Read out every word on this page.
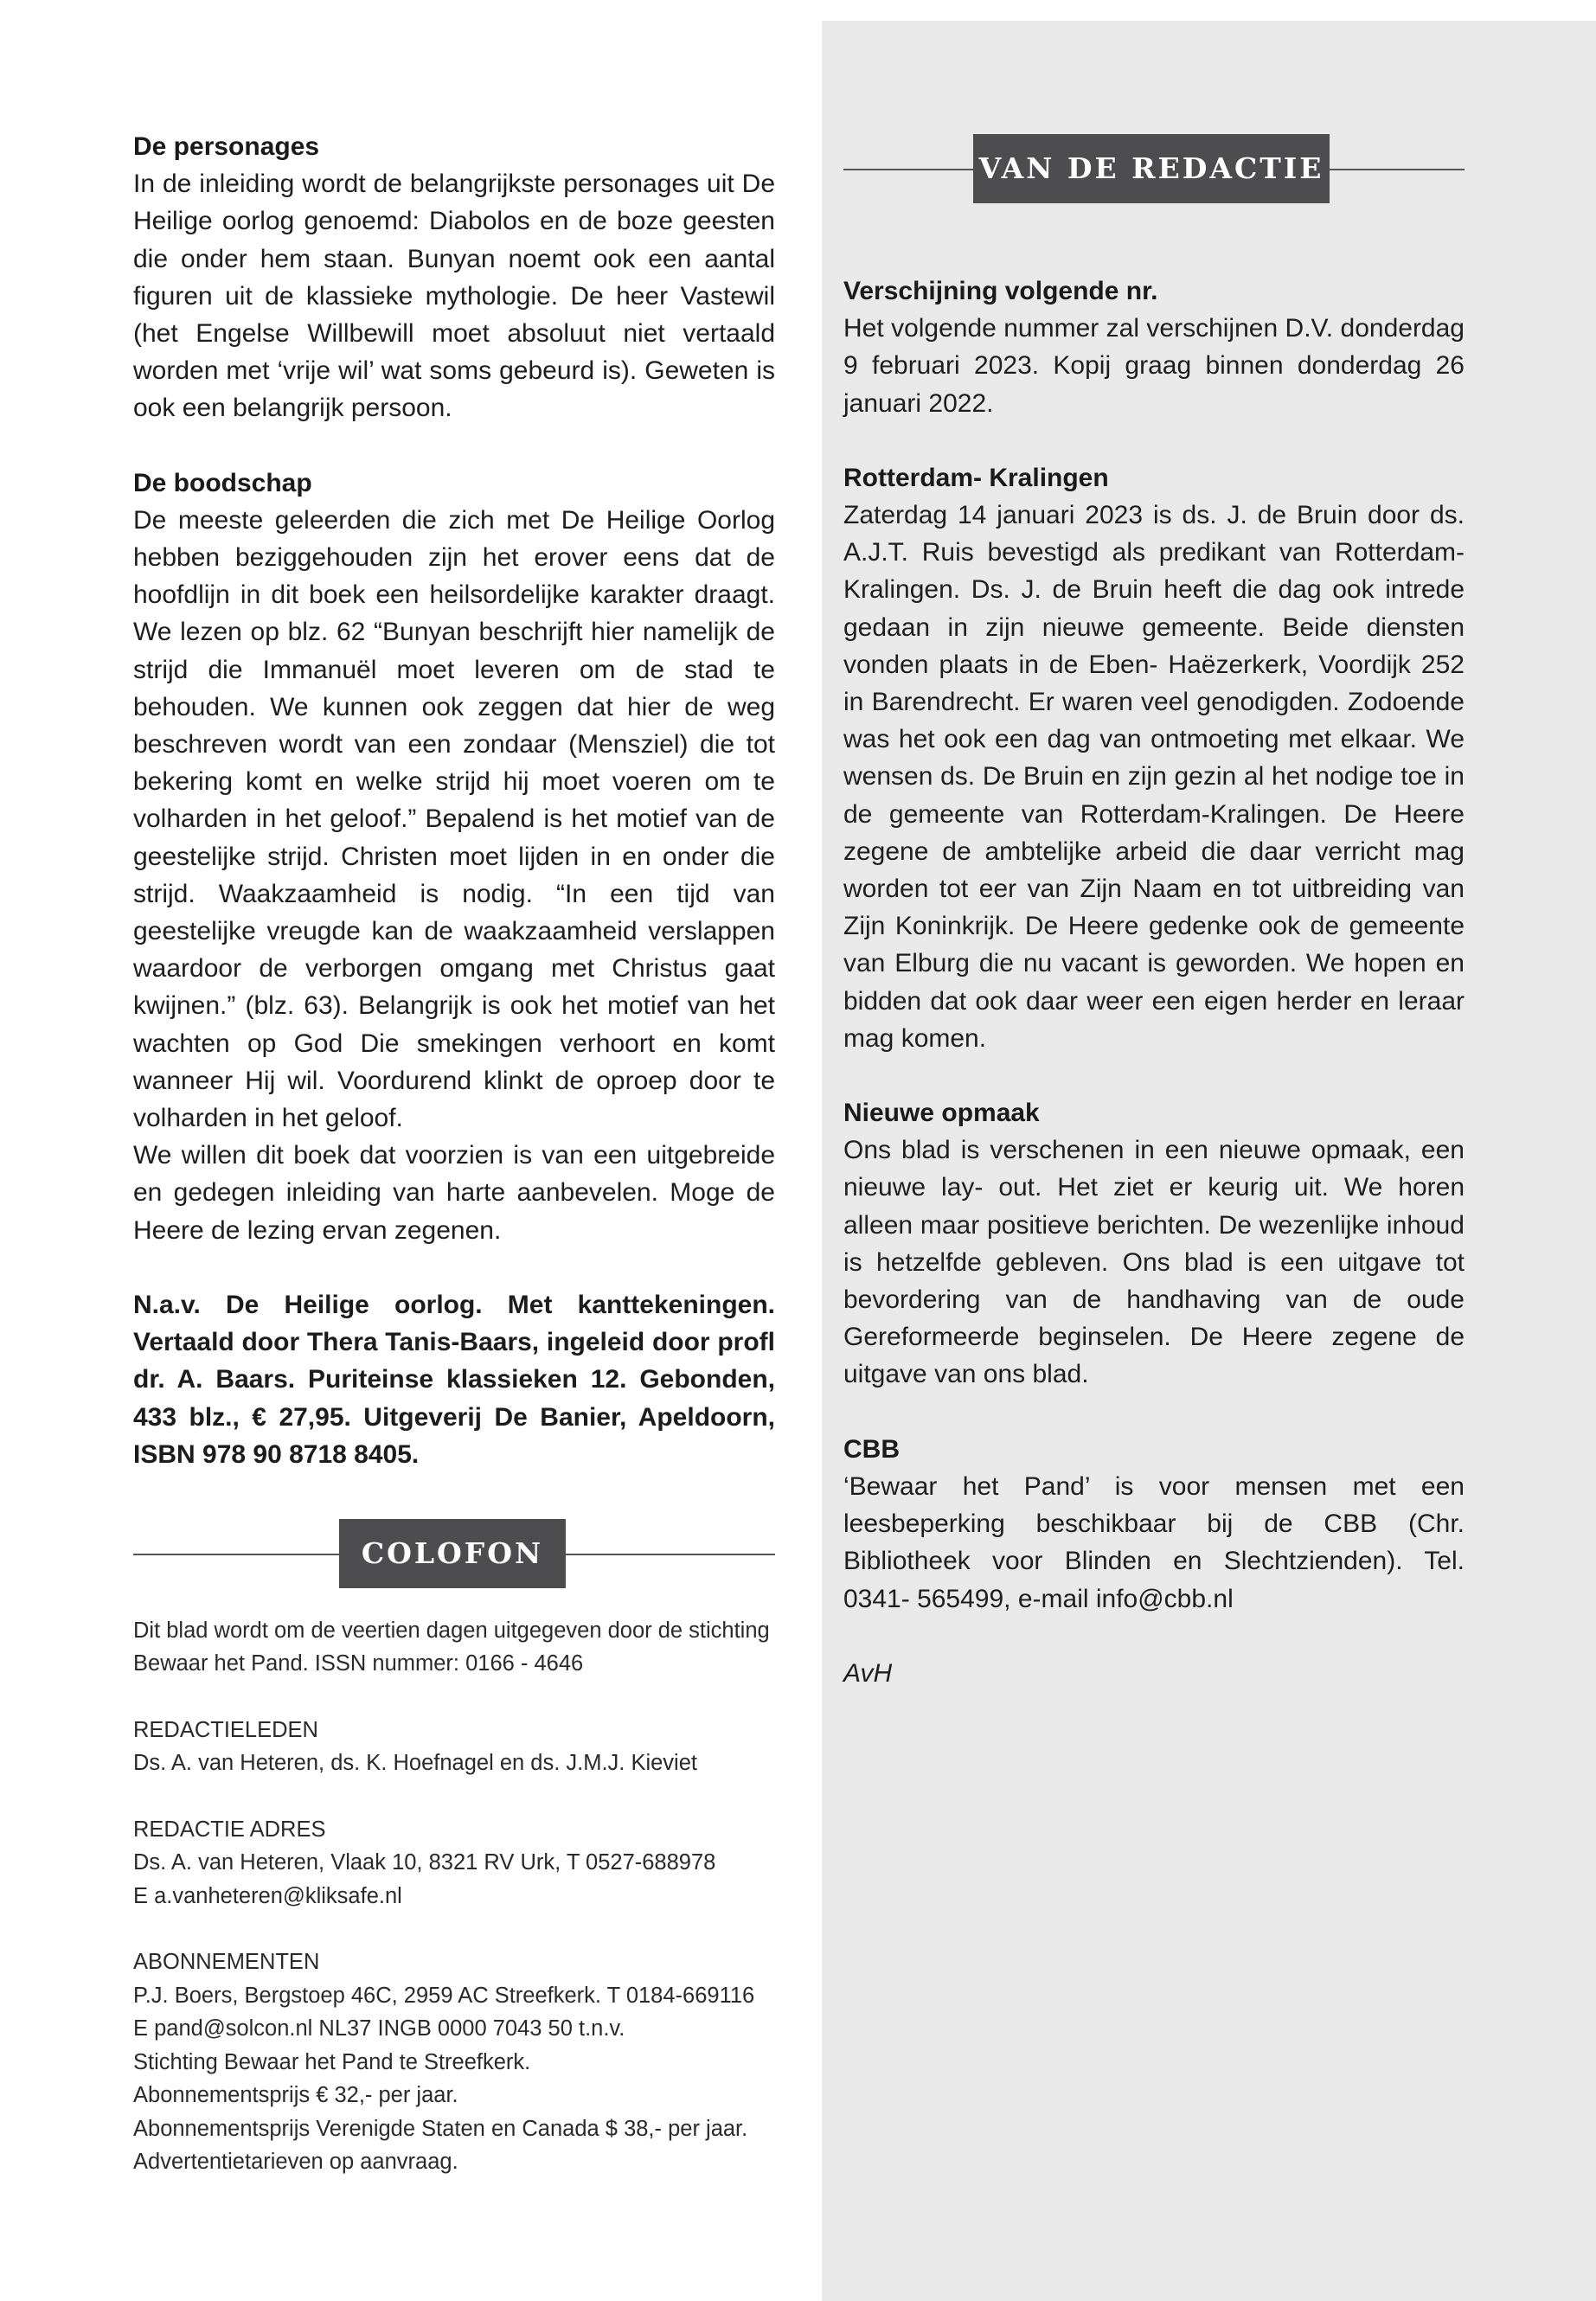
De personages

In de inleiding wordt de belangrijkste personages uit De Heilige oorlog genoemd: Diabolos en de boze geesten die onder hem staan. Bunyan noemt ook een aantal figuren uit de klassieke mythologie. De heer Vastewil (het Engelse Willbewill moet absoluut niet vertaald worden met ‘vrije wil’ wat soms gebeurd is). Geweten is ook een belangrijk persoon.

De boodschap

De meeste geleerden die zich met De Heilige Oorlog hebben beziggehouden zijn het erover eens dat de hoofdlijn in dit boek een heilsordelijke karakter draagt. We lezen op blz. 62 “Bunyan beschrijft hier namelijk de strijd die Immanuël moet leveren om de stad te behouden. We kunnen ook zeggen dat hier de weg beschreven wordt van een zondaar (Mensziel) die tot bekering komt en welke strijd hij moet voeren om te volharden in het geloof.” Bepalend is het motief van de geestelijke strijd. Christen moet lijden in en onder die strijd. Waakzaamheid is nodig. “In een tijd van geestelijke vreugde kan de waakzaamheid verslappen waardoor de verborgen omgang met Christus gaat kwijnen.” (blz. 63). Belangrijk is ook het motief van het wachten op God Die smekingen verhoort en komt wanneer Hij wil. Voordurend klinkt de oproep door te volharden in het geloof.

We willen dit boek dat voorzien is van een uitgebreide en gedegen inleiding van harte aanbevelen. Moge de Heere de lezing ervan zegenen.

N.a.v. De Heilige oorlog. Met kanttekeningen. Vertaald door Thera Tanis-Baars, ingeleid door profl dr. A. Baars. Puriteinse klassieken 12. Gebonden, 433 blz., € 27,95. Uitgeverij De Banier, Apeldoorn, ISBN 978 90 8718 8405.
COLOFON
Dit blad wordt om de veertien dagen uitgegeven door de stichting Bewaar het Pand. ISSN nummer: 0166 - 4646
REDACTIELEDEN
Ds. A. van Heteren, ds. K. Hoefnagel en ds. J.M.J. Kieviet
REDACTIE ADRES
Ds. A. van Heteren, Vlaak 10, 8321 RV Urk, T 0527-688978
E a.vanheteren@kliksafe.nl
ABONNEMENTEN
P.J. Boers, Bergstoep 46C, 2959 AC Streefkerk. T 0184-669116
E pand@solcon.nl NL37 INGB 0000 7043 50 t.n.v.
Stichting Bewaar het Pand te Streefkerk.
Abonnementsprijs € 32,- per jaar.
Abonnementsprijs Verenigde Staten en Canada $ 38,- per jaar.
Advertentietarieven op aanvraag.
VAN DE REDACTIE
Verschijning volgende nr.

Het volgende nummer zal verschijnen D.V. donderdag 9 februari 2023. Kopij graag binnen donderdag 26 januari 2022.

Rotterdam- Kralingen

Zaterdag 14 januari 2023 is ds. J. de Bruin door ds. A.J.T. Ruis bevestigd als predikant van Rotterdam-Kralingen. Ds. J. de Bruin heeft die dag ook intrede gedaan in zijn nieuwe gemeente. Beide diensten vonden plaats in de Eben- Haëzerkerk, Voordijk 252 in Barendrecht. Er waren veel genodigden. Zodoende was het ook een dag van ontmoeting met elkaar. We wensen ds. De Bruin en zijn gezin al het nodige toe in de gemeente van Rotterdam-Kralingen. De Heere zegene de ambtelijke arbeid die daar verricht mag worden tot eer van Zijn Naam en tot uitbreiding van Zijn Koninkrijk. De Heere gedenke ook de gemeente van Elburg die nu vacant is geworden. We hopen en bidden dat ook daar weer een eigen herder en leraar mag komen.

Nieuwe opmaak

Ons blad is verschenen in een nieuwe opmaak, een nieuwe lay- out. Het ziet er keurig uit. We horen alleen maar positieve berichten. De wezenlijke inhoud is hetzelfde gebleven. Ons blad is een uitgave tot bevordering van de handhaving van de oude Gereformeerde beginselen. De Heere zegene de uitgave van ons blad.

CBB

‘Bewaar het Pand’ is voor mensen met een leesbeperking beschikbaar bij de CBB (Chr. Bibliotheek voor Blinden en Slechtzienden). Tel. 0341- 565499, e-mail info@cbb.nl

AvH
